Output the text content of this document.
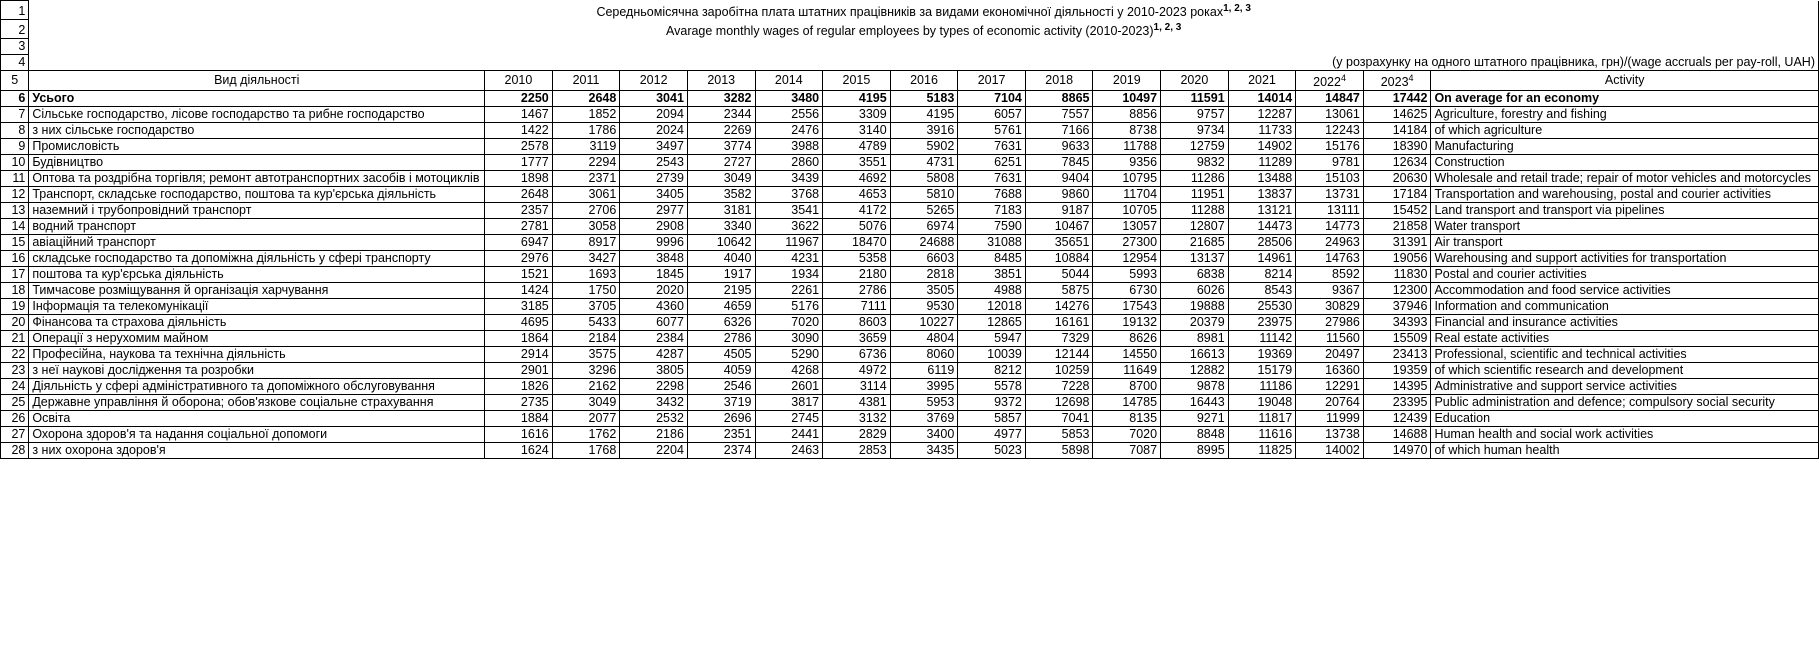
1	Середньомісячна заробітна плата штатних працівників за видами економічної діяльності у 2010-2023 роках$^{1, 2, 3}$
2	Avarage monthly wages of regular employees by types of economic activity (2010-2023)$^{1, 2, 3}$
3																
4	(у розрахунку на одного штатного працівника, грн)/(wage accruals per pay-roll, UAH)															
5	Вид діяльності	2010	2011	2012	2013	2014	2015	2016	2017	2018	2019	2020	2021	2022$^4$	2023$^4$	Activity
6	Усього	2250	2648	3041	3282	3480	4195	5183	7104	8865	10497	11591	14014	14847	17442	On average for an economy
7	Сільське господарство, лісове господарство та рибне господарство	1467	1852	2094	2344	2556	3309	4195	6057	7557	8856	9757	12287	13061	14625	Agriculture, forestry and fishing
8	з них сільське господарство	1422	1786	2024	2269	2476	3140	3916	5761	7166	8738	9734	11733	12243	14184	of which agriculture
9	Промисловість	2578	3119	3497	3774	3988	4789	5902	7631	9633	11788	12759	14902	15176	18390	Manufacturing
10	Будівництво	1777	2294	2543	2727	2860	3551	4731	6251	7845	9356	9832	11289	9781	12634	Construction
11	Оптова та роздрібна торгівля; ремонт автотранспортних засобів і мотоциклів	1898	2371	2739	3049	3439	4692	5808	7631	9404	10795	11286	13488	15103	20630	Wholesale and retail trade; repair of motor vehicles and motorcycles
12	Транспорт, складське господарство, поштова та кур'єрська діяльність	2648	3061	3405	3582	3768	4653	5810	7688	9860	11704	11951	13837	13731	17184	Transportation and warehousing, postal and courier activities
13	наземний і трубопровідний транспорт	2357	2706	2977	3181	3541	4172	5265	7183	9187	10705	11288	13121	13111	15452	Land transport and transport via pipelines
14	водний транспорт	2781	3058	2908	3340	3622	5076	6974	7590	10467	13057	12807	14473	14773	21858	Water transport
15	авіаційний транспорт	6947	8917	9996	10642	11967	18470	24688	31088	35651	27300	21685	28506	24963	31391	Air transport
16	складське господарство та допоміжна діяльність у сфері транспорту	2976	3427	3848	4040	4231	5358	6603	8485	10884	12954	13137	14961	14763	19056	Warehousing and support activities for transportation
17	поштова та кур'єрська діяльність	1521	1693	1845	1917	1934	2180	2818	3851	5044	5993	6838	8214	8592	11830	Postal and courier activities
18	Тимчасове розміщування й організація харчування	1424	1750	2020	2195	2261	2786	3505	4988	5875	6730	6026	8543	9367	12300	Accommodation and food service activities
19	Інформація та телекомунікації	3185	3705	4360	4659	5176	7111	9530	12018	14276	17543	19888	25530	30829	37946	Information and communication
20	Фінансова та страхова діяльність	4695	5433	6077	6326	7020	8603	10227	12865	16161	19132	20379	23975	27986	34393	Financial and insurance activities
21	Операції з нерухомим майном	1864	2184	2384	2786	3090	3659	4804	5947	7329	8626	8981	11142	11560	15509	Real estate activities
22	Професійна, наукова та технічна діяльність	2914	3575	4287	4505	5290	6736	8060	10039	12144	14550	16613	19369	20497	23413	Professional, scientific and technical activities
23	з неї наукові дослідження та розробки	2901	3296	3805	4059	4268	4972	6119	8212	10259	11649	12882	15179	16360	19359	of which scientific research and development
24	Діяльність у сфері адміністративного та допоміжного обслуговування	1826	2162	2298	2546	2601	3114	3995	5578	7228	8700	9878	11186	12291	14395	Administrative and support service activities
25	Державне управління й оборона; обов'язкове соціальне страхування	2735	3049	3432	3719	3817	4381	5953	9372	12698	14785	16443	19048	20764	23395	Public administration and defence; compulsory social security
26	Освіта	1884	2077	2532	2696	2745	3132	3769	5857	7041	8135	9271	11817	11999	12439	Education
27	Охорона здоров'я та надання соціальної допомоги	1616	1762	2186	2351	2441	2829	3400	4977	5853	7020	8848	11616	13738	14688	Human health and social work activities
28	з них охорона здоров'я	1624	1768	2204	2374	2463	2853	3435	5023	5898	7087	8995	11825	14002	14970	of which human health
